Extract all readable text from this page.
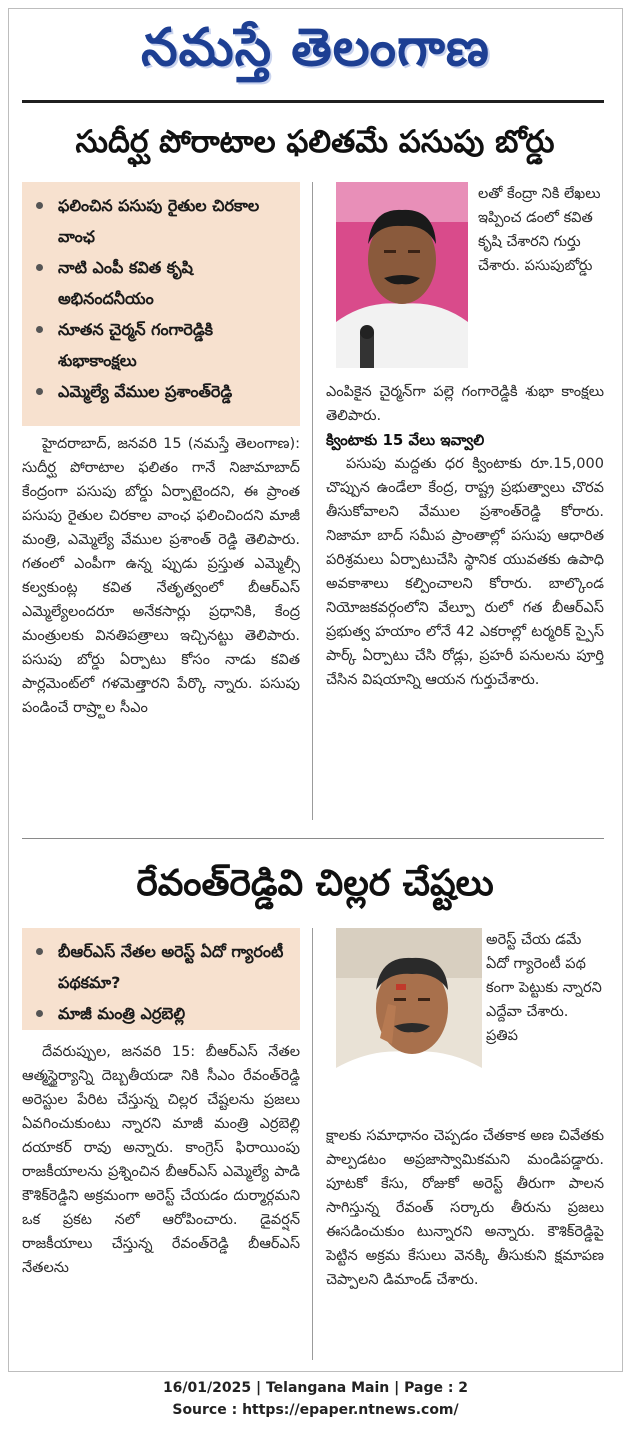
నమస్తే తెలంగాణ
సుదీర్ఘ పోరాటాల ఫలితమే పసుపు బోర్డు
ఫలించిన పసుపు రైతుల చిరకాల వాంఛ
నాటి ఎంపీ కవిత కృషి అభినందనీయం
నూతన చైర్మన్ గంగారెడ్డికి శుభాకాంక్షలు
ఎమ్మెల్యే వేముల ప్రశాంత్‌రెడ్డి

హైదరాబాద్, జనవరి 15 (నమస్తే తెలంగాణ): సుదీర్ఘ పోరాటాల ఫలితం గానే నిజామాబాద్ కేంద్రంగా పసుపు బోర్డు ఏర్పాటైందని, ఈ ప్రాంత పసుపు రైతుల చిరకాల వాంఛ ఫలించిందని మాజీ మంత్రి, ఎమ్మెల్యే వేముల ప్రశాంత్ రెడ్డి తెలిపారు. గతంలో ఎంపీగా ఉన్న ప్పుడు ప్రస్తుత ఎమ్మెల్సీ కల్వకుంట్ల కవిత నేతృత్వంలో బీఆర్ఎస్ ఎమ్మెల్యేలందరూ అనేకసార్లు ప్రధానికి, కేంద్ర మంత్రులకు వినతిపత్రాలు ఇచ్చినట్టు తెలిపారు. పసుపు బోర్డు ఏర్పాటు కోసం నాడు కవిత పార్లమెంట్‌లో గళమెత్తారని పేర్కొ న్నారు. పసుపు పండించే రాష్ర్టాల సీఎం

లతో కేంద్రా నికి లేఖలు ఇప్పించ డంలో కవిత కృషి చేశారని గుర్తు చేశారు. పసుపుబోర్డు

ఎంపికైన చైర్మన్‌గా పల్లె గంగారెడ్డికి శుభా కాంక్షలు తెలిపారు.

క్వింటాకు 15 వేలు ఇవ్వాలి

పసుపు మద్దతు ధర క్వింటాకు రూ.15,000 చొప్పున ఉండేలా కేంద్ర, రాష్ట్ర ప్రభుత్వాలు చొరవ తీసుకోవాలని వేముల ప్రశాంత్‌రెడ్డి కోరారు. నిజామా బాద్ సమీప ప్రాంతాల్లో పసుపు ఆధారిత పరిశ్రమలు ఏర్పాటుచేసి స్థానిక యువతకు ఉపాధి అవకాశాలు కల్పించాలని కోరారు. బాల్కొండ నియోజకవర్గంలోని వేల్పూ రులో గత బీఆర్ఎస్ ప్రభుత్వ హయాం లోనే 42 ఎకరాల్లో టర్మరిక్ స్పైస్ పార్క్ ఏర్పాటు చేసి రోడ్లు, ప్రహరీ పనులను పూర్తి చేసిన విషయాన్ని ఆయన గుర్తుచేశారు.

రేవంత్‌రెడ్డివి చిల్లర చేష్టలు
బీఆర్ఎస్ నేతల అరెస్ట్ ఏదో గ్యారంటీ పథకమా?
మాజీ మంత్రి ఎర్రబెల్లి

దేవరుప్పుల, జనవరి 15: బీఆర్ఎస్ నేతల ఆత్మస్థైర్యాన్ని దెబ్బతీయడా నికి సీఎం రేవంత్‌రెడ్డి అరెస్టుల పేరిట చేస్తున్న చిల్లర చేష్టలను ప్రజలు ఏవగించుకుంటు న్నారని మాజీ మంత్రి ఎర్రబెల్లి దయాకర్ రావు అన్నారు. కాంగ్రెస్ ఫిరాయింపు రాజకీయాలను ప్రశ్నించిన బీఆర్ఎస్ ఎమ్మెల్యే పాడి కౌశిక్‌రెడ్డిని అక్రమంగా అరెస్ట్ చేయడం దుర్మార్గమని ఒక ప్రకట నలో ఆరోపించారు. డైవర్షన్ రాజకీయాలు చేస్తున్న రేవంత్‌రెడ్డి బీఆర్ఎస్ నేతలను

అరెస్ట్ చేయ డమే ఏదో గ్యారెంటీ పథ కంగా పెట్టుకు న్నారని ఎద్దేవా చేశారు. ప్రతిప

క్షాలకు సమాధానం చెప్పడం చేతకాక అణ చివేతకు పాల్పడటం అప్రజాస్వామికమని మండిపడ్డారు. పూటకో కేసు, రోజుకో అరెస్ట్ తీరుగా పాలన సాగిస్తున్న రేవంత్ సర్కారు తీరును ప్రజలు ఈసడించుకుం టున్నారని అన్నారు. కౌశిక్‌రెడ్డిపై పెట్టిన అక్రమ కేసులు వెనక్కి తీసుకుని క్షమాపణ చెప్పాలని డిమాండ్ చేశారు.

16/01/2025 | Telangana Main | Page : 2
Source : https://epaper.ntnews.com/
